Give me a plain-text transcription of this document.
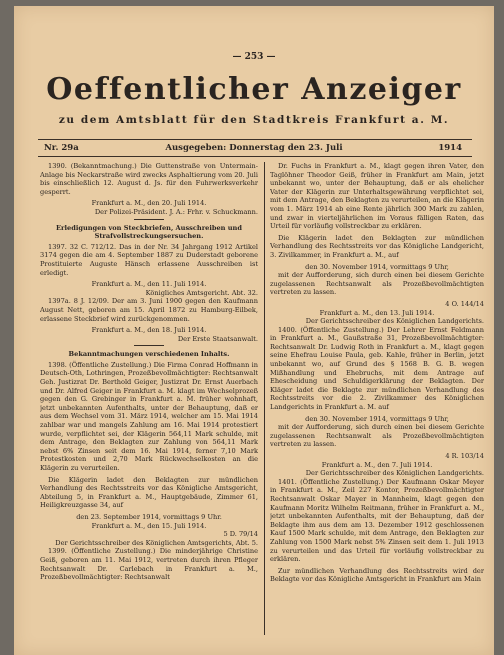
— 253 —
Oeffentlicher Anzeiger
zu dem Amtsblatt für den Stadtkreis Frankfurt a. M.
Nr. 29a	Ausgegeben: Donnerstag den 23. Juli	1914

1390. (Bekanntmachung.) Die Guttenstraße von Untermain-Anlage bis Neckarstraße wird zwecks Asphaltierung vom 20. Juli bis einschließlich 12. August d. Js. für den Fuhrwerksverkehr gesperrt.

Frankfurt a. M., den 20. Juli 1914.

Der Polizei-Präsident. J. A.: Frhr. v. Schuckmann.

Erledigungen von Steckbriefen, Ausschreiben und Strafvollstreckungsersuchen.

1397. 32 C. 712/12. Das in der Nr. 34 Jahrgang 1912 Artikel 3174 gegen die am 4. September 1887 zu Duderstadt geborene Prostituierte Auguste Hänsch erlassene Ausschreiben ist erledigt.

Frankfurt a. M., den 11. Juli 1914.

Königliches Amtsgericht. Abt. 32.

1397a. 8 J. 12/09. Der am 3. Juni 1900 gegen den Kaufmann August Nett, geboren am 15. April 1872 zu Hamburg-Eilbek, erlassene Steckbrief wird zurückgenommen.

Frankfurt a. M., den 18. Juli 1914.

Der Erste Staatsanwalt.

Bekanntmachungen verschiedenen Inhalts.

1398. (Öffentliche Zustellung.) Die Firma Conrad Hoffmann in Deutsch-Oth, Lothringen, Prozeßbevollmächtigter: Rechtsanwalt Geh. Justizrat Dr. Berthold Geiger, Justizrat Dr. Ernst Auerbach und Dr. Alfred Geiger in Frankfurt a. M. klagt im Wechselprozeß gegen den G. Grebinger in Frankfurt a. M. früher wohnhaft, jetzt unbekannten Aufenthalts, unter der Behauptung, daß er aus dem Wechsel vom 31. März 1914, welcher am 15. Mai 1914 zahlbar war und mangels Zahlung am 16. Mai 1914 protestiert wurde, verpflichtet sei, der Klägerin 564,11 Mark schulde, mit dem Antrage, den Beklagten zur Zahlung von 564,11 Mark nebst 6% Zinsen seit dem 16. Mai 1914, ferner 7,10 Mark Protestkosten und 2,70 Mark Rückwechselkosten an die Klägerin zu verurteilen.

Die Klägerin ladet den Beklagten zur mündlichen Verhandlung des Rechtsstreits vor das Königliche Amtsgericht, Abteilung 5, in Frankfurt a. M., Hauptgebäude, Zimmer 61, Heiligkreuzgasse 34, auf

den 23. September 1914, vormittags 9 Uhr.

Frankfurt a. M., den 15. Juli 1914.

5 D. 79/14

Der Gerichtsschreiber des Königlichen Amtsgerichts, Abt. 5.

1399. (Öffentliche Zustellung.) Die minderjährige Christine Geiß, geboren am 11. Mai 1912, vertreten durch ihren Pfleger Rechtsanwalt Dr. Carlebach in Frankfurt a. M., Prozeßbevollmächtigter: Rechtsanwalt

Dr. Fuchs in Frankfurt a. M., klagt gegen ihren Vater, den Taglöhner Theodor Geiß, früher in Frankfurt am Main, jetzt unbekannt wo, unter der Behauptung, daß er als ehelicher Vater der Klägerin zur Unterhaltsgewährung verpflichtet sei, mit dem Antrage, den Beklagten zu verurteilen, an die Klägerin vom 1. März 1914 ab eine Rente jährlich 300 Mark zu zahlen, und zwar in vierteljährlichen im Voraus fälligen Raten, das Urteil für vorläufig vollstreckbar zu erklären.

Die Klägerin ladet den Beklagten zur mündlichen Verhandlung des Rechtsstreits vor das Königliche Landgericht, 3. Zivilkammer, in Frankfurt a. M., auf

den 30. November 1914, vormittags 9 Uhr,

mit der Aufforderung, sich durch einen bei diesem Gerichte zugelassenen Rechtsanwalt als Prozeßbevollmächtigten vertreten zu lassen.

4 O. 144/14

Frankfurt a. M., den 13. Juli 1914.

Der Gerichtsschreiber des Königlichen Landgerichts.

1400. (Öffentliche Zustellung.) Der Lehrer Ernst Feldmann in Frankfurt a. M., Gaußstraße 31, Prozeßbevollmächtigter: Rechtsanwalt Dr. Ludwig Roth in Frankfurt a. M., klagt gegen seine Ehefrau Louise Paula, geb. Kahle, früher in Berlin, jetzt unbekannt wo, auf Grund des § 1568 B. G. B. wegen Mißhandlung und Ehebruchs, mit dem Antrage auf Ehescheidung und Schuldigerklärung der Beklagten. Der Kläger ladet die Beklagte zur mündlichen Verhandlung des Rechtsstreits vor die 2. Zivilkammer des Königlichen Landgerichts in Frankfurt a. M. auf

den 30. November 1914, vormittags 9 Uhr,

mit der Aufforderung, sich durch einen bei diesem Gerichte zugelassenen Rechtsanwalt als Prozeßbevollmächtigten vertreten zu lassen.

4 R. 103/14

Frankfurt a. M., den 7. Juli 1914.

Der Gerichtsschreiber des Königlichen Landgerichts.

1401. (Öffentliche Zustellung.) Der Kaufmann Oskar Meyer in Frankfurt a. M., Zeil 227 Kontor, Prozeßbevollmächtigter Rechtsanwalt Oskar Mayer in Mannheim, klagt gegen den Kaufmann Moritz Wilhelm Reitmann, früher in Frankfurt a. M., jetzt unbekannten Aufenthalts, mit der Behauptung, daß der Beklagte ihm aus dem am 13. Dezember 1912 geschlossenen Kauf 1500 Mark schulde, mit dem Antrage, den Beklagten zur Zahlung von 1500 Mark nebst 5% Zinsen seit dem 1. Juli 1913 zu verurteilen und das Urteil für vorläufig vollstreckbar zu erklären.

Zur mündlichen Verhandlung des Rechtsstreits wird der Beklagte vor das Königliche Amtsgericht in Frankfurt am Main
